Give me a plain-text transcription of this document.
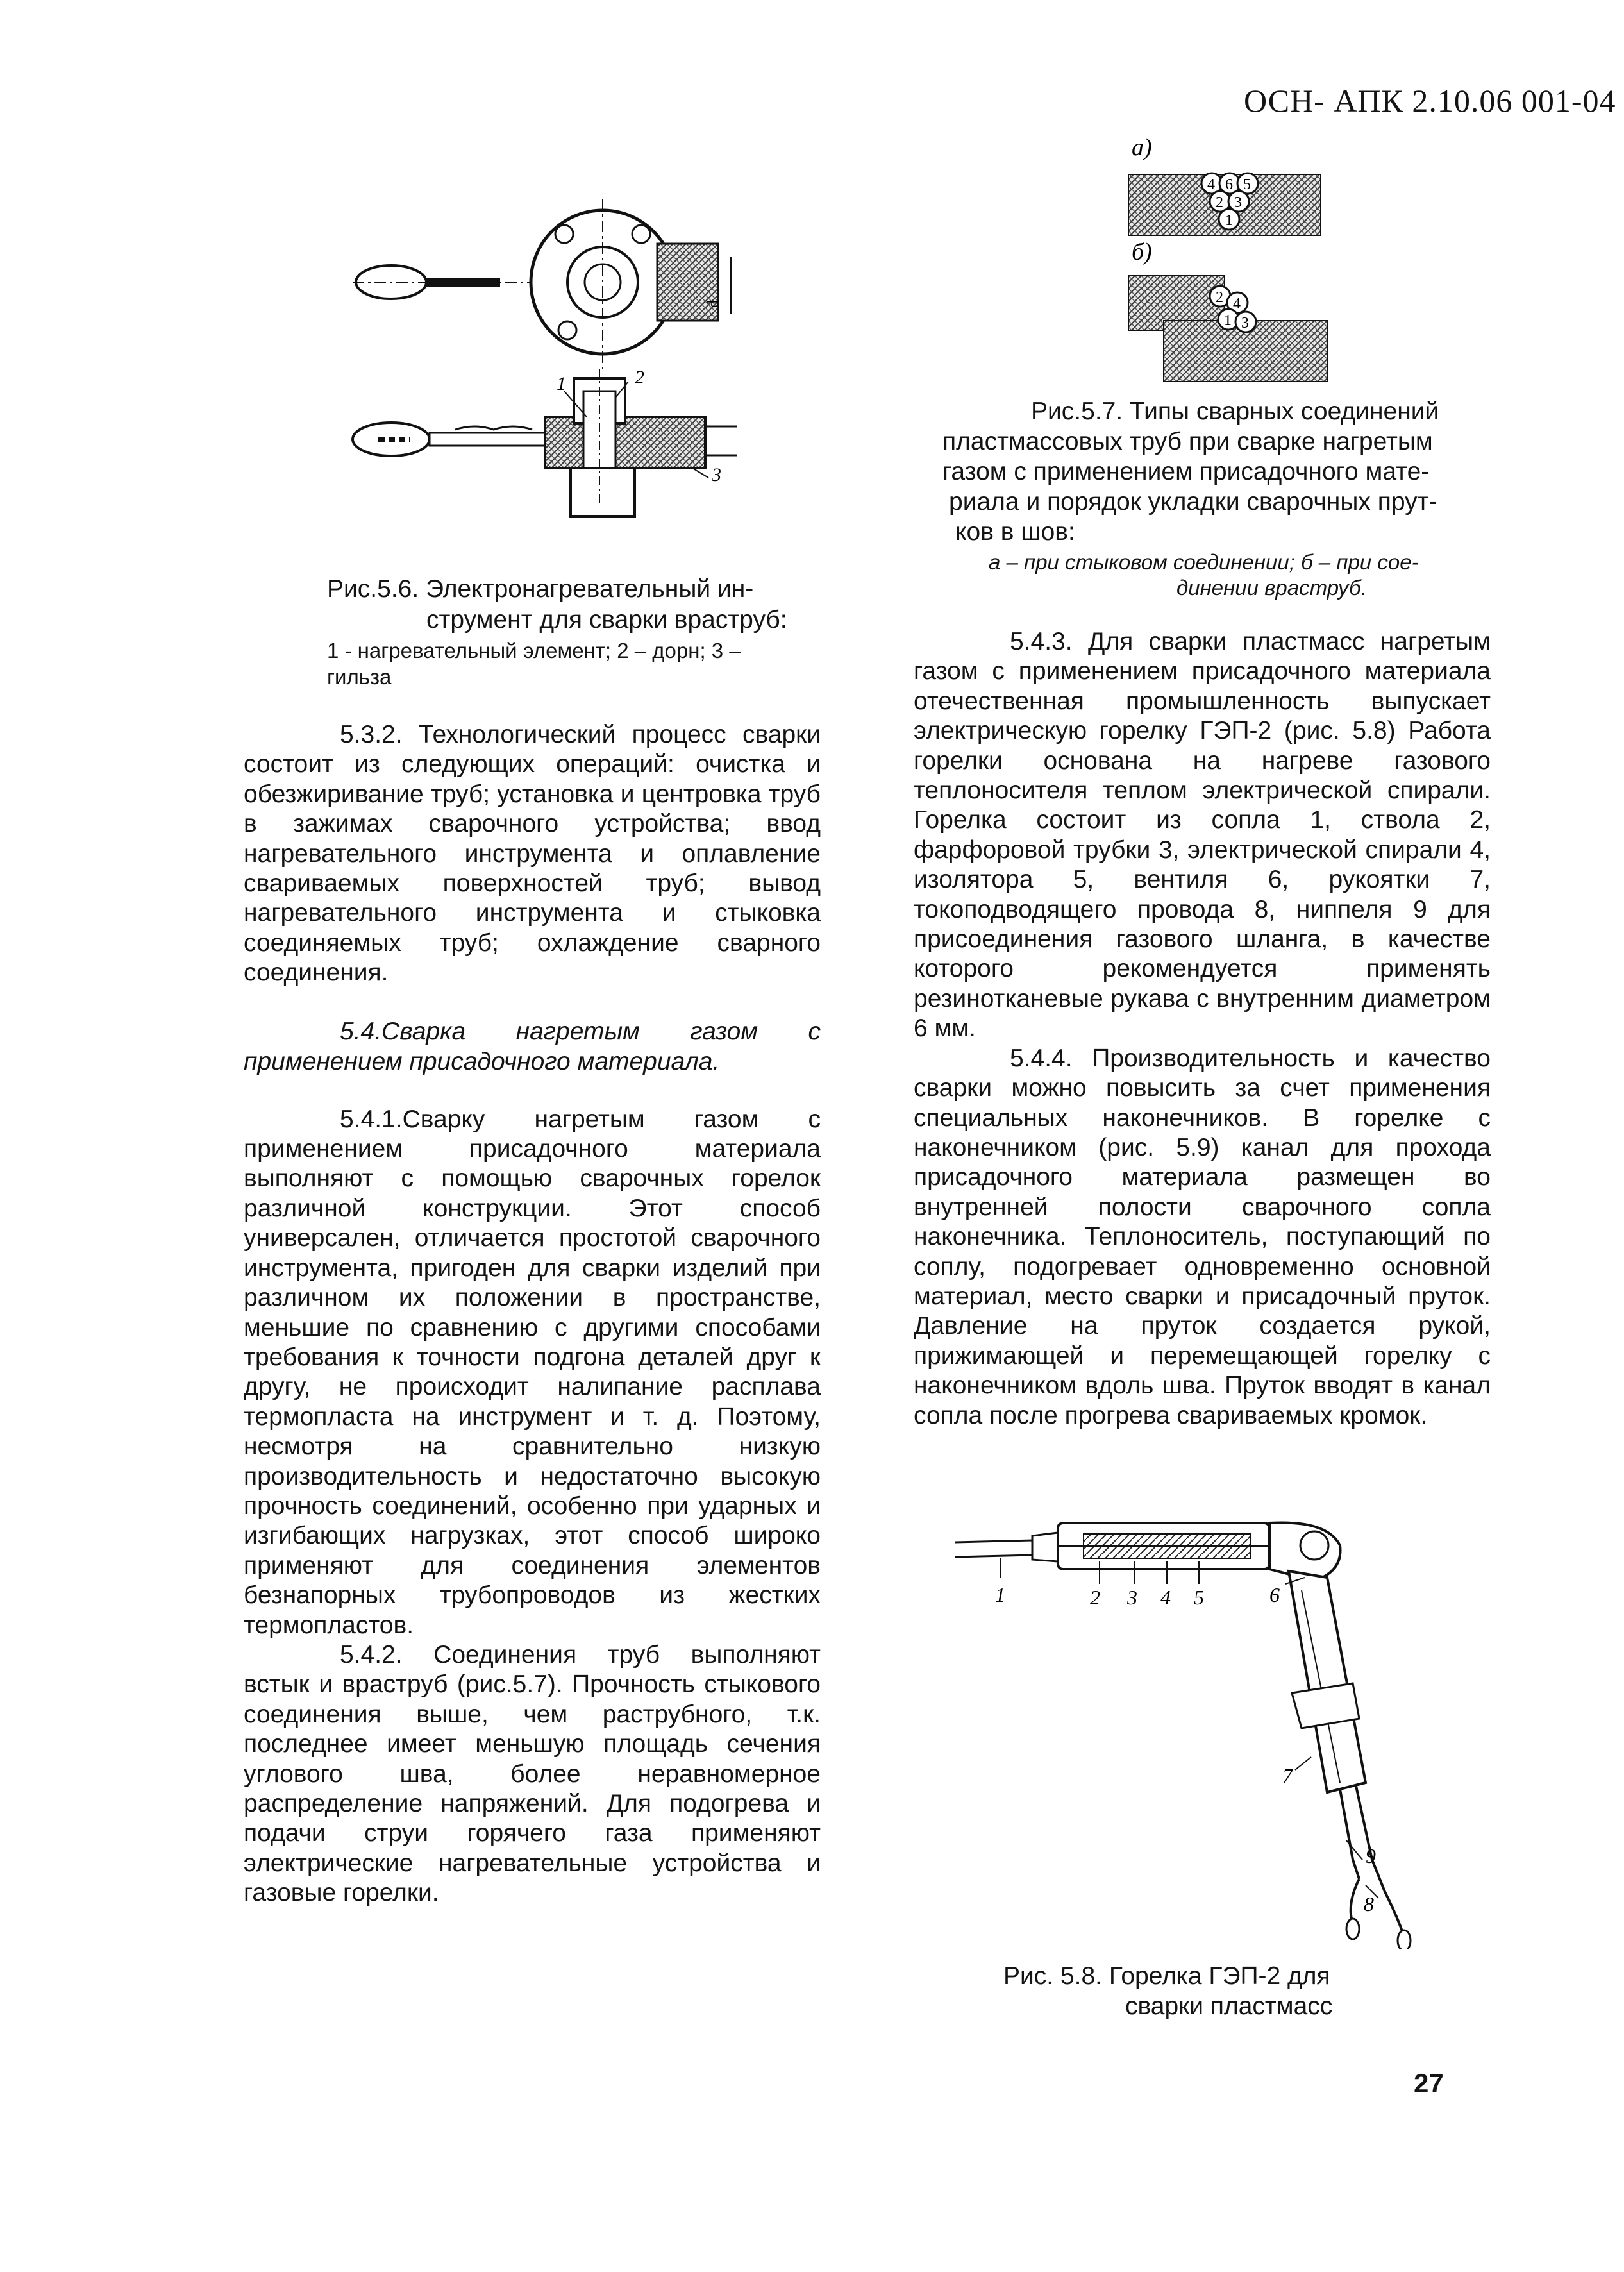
ОСН- АПК 2.10.06 001-04
d
1	2
3
Рис.5.6. Электронагревательный ин-
струмент для сварки враструб:
1 - нагревательный элемент; 2 – дорн; 3 –
гильза
а)
4 6 5
2 3
1
б)
2 4
1 3
Рис.5.7. Типы сварных соединений
пластмассовых труб при сварке нагретым
газом с применением присадочного мате-
риала и порядок укладки сварочных прут-
ков в шов:
а – при стыковом соединении; б – при сое-
динении враструб.

5.3.2. Технологический процесс сварки состоит из следующих операций: очистка и обезжиривание труб; установка и центровка труб в зажимах сварочного устройства; ввод нагревательного инструмента и оплавление свариваемых поверхностей труб; вывод нагревательного инструмента и стыковка соединяемых труб; охлаждение сварного соединения.

5.4.Сварка нагретым газом с применением присадочного материала.

5.4.1.Сварку нагретым газом с применением присадочного материала выполняют с помощью сварочных горелок различной конструкции. Этот способ универсален, отличается простотой сварочного инструмента, пригоден для сварки изделий при различном их положении в пространстве, меньшие по сравнению с другими способами требования к точности подгона деталей друг к другу, не происходит налипание расплава термопласта на инструмент и т. д. Поэтому, несмотря на сравнительно низкую производительность и недостаточно высокую прочность соединений, особенно при ударных и изгибающих нагрузках, этот способ широко применяют для соединения элементов безнапорных трубопроводов из жестких термопластов.

5.4.2. Соединения труб выполняют встык и враструб (рис.5.7). Прочность стыкового соединения выше, чем раструбного, т.к. последнее имеет меньшую площадь сечения углового шва, более неравномерное распределение напряжений. Для подогрева и подачи струи горячего газа применяют электрические нагревательные устройства и газовые горелки.

5.4.3. Для сварки пластмасс нагретым газом с применением присадочного материала отечественная промышленность выпускает электрическую горелку ГЭП-2 (рис. 5.8) Работа горелки основана на нагреве газового теплоносителя теплом электрической спирали. Горелка состоит из сопла 1, ствола 2, фарфоровой трубки 3, электрической спирали 4, изолятора 5, вентиля 6, рукоятки 7, токоподводящего провода 8, ниппеля 9 для присоединения газового шланга, в качестве которого рекомендуется применять резинотканевые рукава с внутренним диаметром 6 мм.

5.4.4. Производительность и качество сварки можно повысить за счет применения специальных наконечников. В горелке с наконечником (рис. 5.9) канал для прохода присадочного материала размещен во внутренней полости сварочного сопла наконечника. Теплоноситель, поступающий по соплу, подогревает одновременно основной материал, место сварки и присадочный пруток. Давление на пруток создается рукой, прижимающей и перемещающей горелку с наконечником вдоль шва. Пруток вводят в канал сопла после прогрева свариваемых кромок.

1	2 3 4 5	6
7
9
8
Рис. 5.8. Горелка ГЭП-2 для
сварки пластмасс
27
